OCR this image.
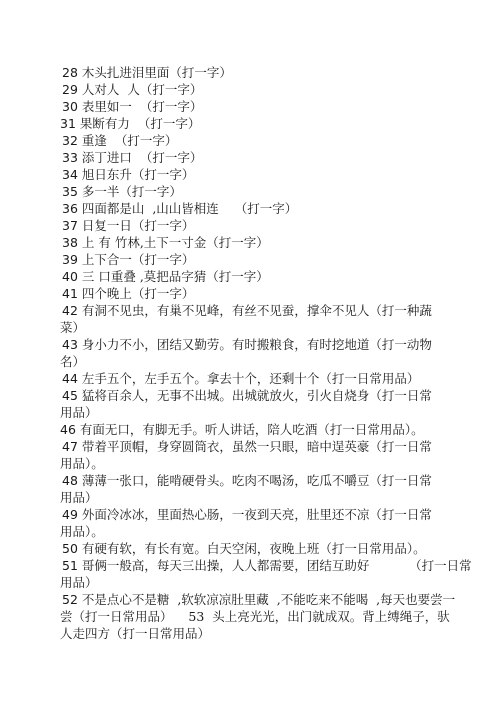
28 木头扎进泪里面（打一字）
29 人对人  人（打一字）
30 表里如一  （打一字）
31 果断有力  （打一字）
32 重逢  （打一字）
33 添丁进口  （打一字）
34 旭日东升（打一字）
35 多一半（打一字）
36 四面都是山  ,山山皆相连    （打一字）
37 日复一日（打一字）
38 上 有 竹林,土下一寸金（打一字）
39 上下合一（打一字）
40 三 口重叠 ,莫把品字猜（打一字）
41 四个晚上（打一字）
42 有洞不见虫，有巢不见峰，有丝不见蚕，撑伞不见人（打一种蔬
菜）
43 身小力不小，团结又勤劳。有时搬粮食，有时挖地道（打一动物
名）
44 左手五个，左手五个。拿去十个，还剩十个（打一日常用品）
45 猛将百余人，无事不出城。出城就放火，引火自烧身（打一日常
用品）
46 有面无口，有脚无手。听人讲话，陪人吃酒（打一日常用品）。
47 带着平顶帽，身穿圆筒衣，虽然一只眼，暗中逞英豪（打一日常
用品）。
48 薄薄一张口，能啃硬骨头。吃肉不喝汤，吃瓜不嚼豆（打一日常
用品）
49 外面冷冰冰，里面热心肠，一夜到天亮，肚里还不凉（打一日常
用品）。
50 有硬有软，有长有宽。白天空闲，夜晚上班（打一日常用品）。
51 哥俩一般高，每天三出操，人人都需要，团结互助好          （打一日常
用品）
52 不是点心不是糖  ,软软凉凉肚里藏  ,不能吃来不能喝  ,每天也要尝一
尝（打一日常用品）    53  头上亮光光，出门就成双。背上缚绳子，驮
人走四方（打一日常用品）
